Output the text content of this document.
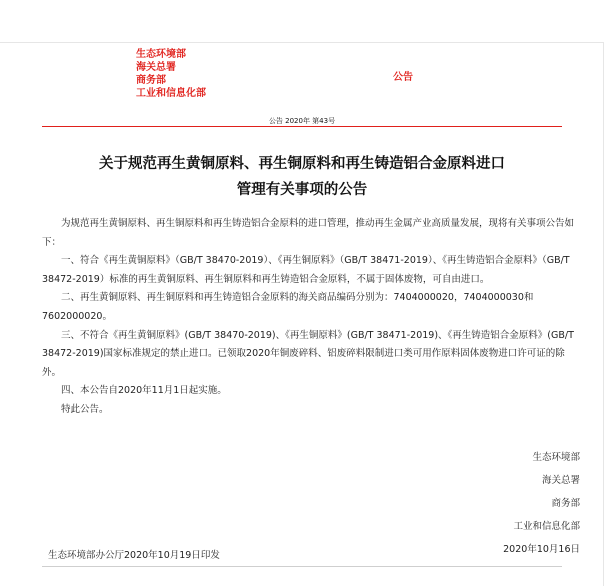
生态环境部
海关总署
商务部
工业和信息化部
公告
公告 2020年 第43号
关于规范再生黄铜原料、再生铜原料和再生铸造铝合金原料进口
管理有关事项的公告

为规范再生黄铜原料、再生铜原料和再生铸造铝合金原料的进口管理，推动再生金属产业高质量发展，现将有关事项公告如下：

一、符合《再生黄铜原料》（GB/T 38470-2019）、《再生铜原料》（GB/T 38471-2019）、《再生铸造铝合金原料》（GB/T 38472-2019）标准的再生黄铜原料、再生铜原料和再生铸造铝合金原料，不属于固体废物，可自由进口。

二、再生黄铜原料、再生铜原料和再生铸造铝合金原料的海关商品编码分别为：7404000020，7404000030和7602000020。

三、不符合《再生黄铜原料》(GB/T 38470-2019)、《再生铜原料》(GB/T 38471-2019)、《再生铸造铝合金原料》(GB/T 38472-2019)国家标准规定的禁止进口。已领取2020年铜废碎料、铝废碎料限制进口类可用作原料固体废物进口许可证的除外。

四、本公告自2020年11月1日起实施。

特此公告。

生态环境部
海关总署
商务部
工业和信息化部
2020年10月16日
生态环境部办公厅2020年10月19日印发
